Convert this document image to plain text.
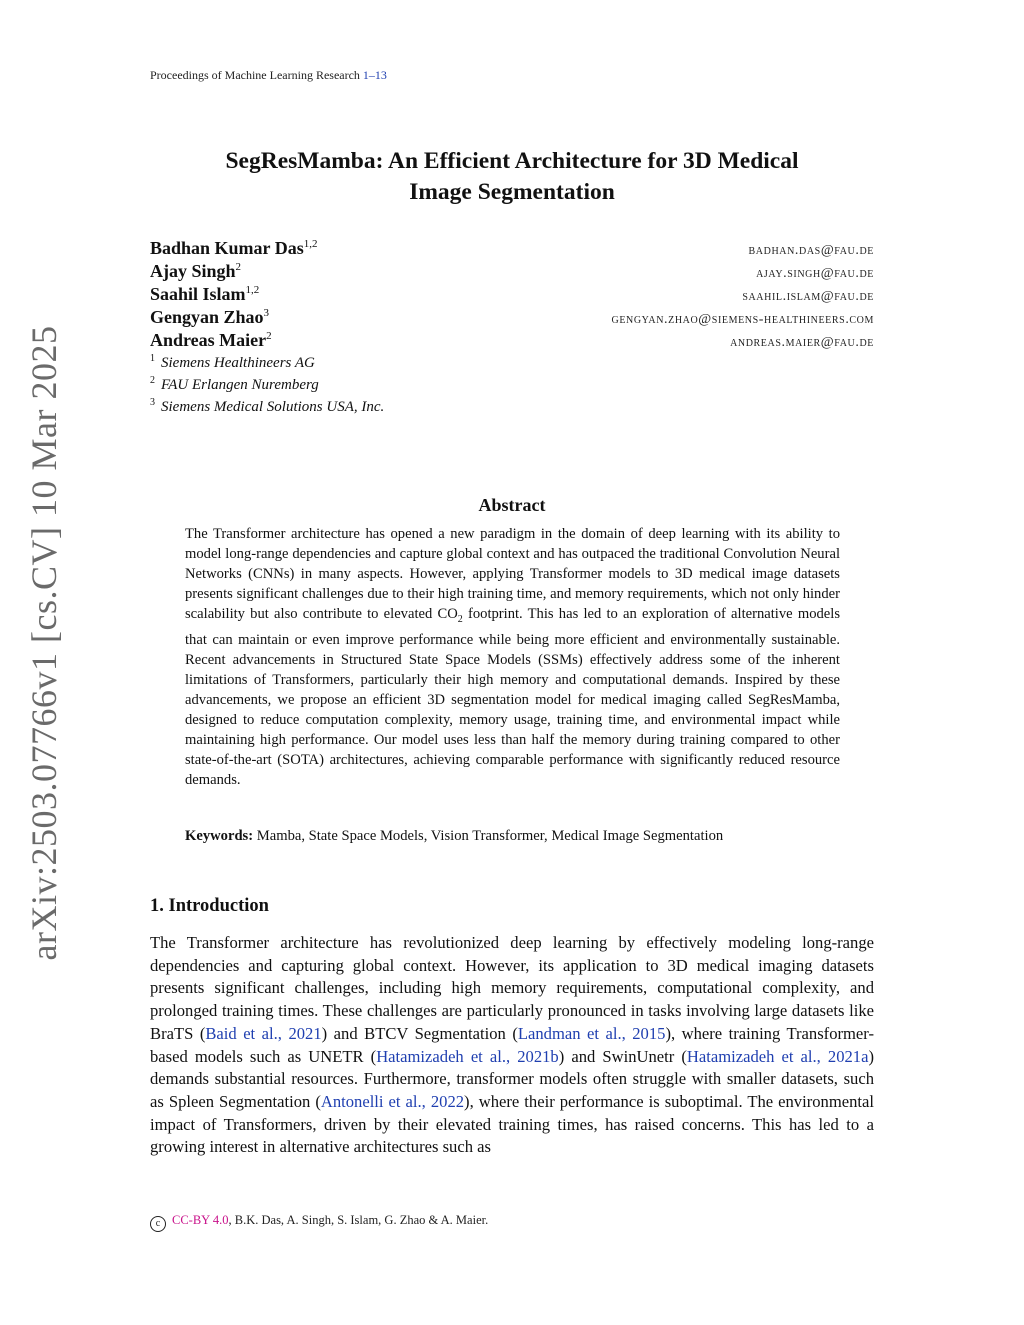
arXiv:2503.07766v1 [cs.CV] 10 Mar 2025
Proceedings of Machine Learning Research 1–13
SegResMamba: An Efficient Architecture for 3D Medical
Image Segmentation
Badhan Kumar Das$^{1,2}$	badhan.das@fau.de
Ajay Singh$^2$	ajay.singh@fau.de
Saahil Islam$^{1,2}$	saahil.islam@fau.de
Gengyan Zhao$^3$	gengyan.zhao@siemens-healthineers.com
Andreas Maier$^2$	andreas.maier@fau.de
$^1$ Siemens Healthineers AG
$^2$ FAU Erlangen Nuremberg
$^3$ Siemens Medical Solutions USA, Inc.
Abstract
The Transformer architecture has opened a new paradigm in the domain of deep learning with its ability to model long-range dependencies and capture global context and has outpaced the traditional Convolution Neural Networks (CNNs) in many aspects. However, applying Transformer models to 3D medical image datasets presents significant challenges due to their high training time, and memory requirements, which not only hinder scalability but also contribute to elevated $CO_2$ footprint. This has led to an exploration of alternative models that can maintain or even improve performance while being more efficient and environmentally sustainable. Recent advancements in Structured State Space Models (SSMs) effectively address some of the inherent limitations of Transformers, particularly their high memory and computational demands. Inspired by these advancements, we propose an efficient 3D segmentation model for medical imaging called SegResMamba, designed to reduce computation complexity, memory usage, training time, and environmental impact while maintaining high performance. Our model uses less than half the memory during training compared to other state-of-the-art (SOTA) architectures, achieving comparable performance with significantly reduced resource demands.
Keywords: Mamba, State Space Models, Vision Transformer, Medical Image Segmentation
1. Introduction
The Transformer architecture has revolutionized deep learning by effectively modeling long-range dependencies and capturing global context. However, its application to 3D medical imaging datasets presents significant challenges, including high memory requirements, computational complexity, and prolonged training times. These challenges are particularly pronounced in tasks involving large datasets like BraTS (Baid et al., 2021) and BTCV Segmentation (Landman et al., 2015), where training Transformer-based models such as UNETR (Hatamizadeh et al., 2021b) and SwinUnetr (Hatamizadeh et al., 2021a) demands substantial resources. Furthermore, transformer models often struggle with smaller datasets, such as Spleen Segmentation (Antonelli et al., 2022), where their performance is suboptimal. The environmental impact of Transformers, driven by their elevated training times, has raised concerns. This has led to a growing interest in alternative architectures such as
c CC-BY 4.0, B.K. Das, A. Singh, S. Islam, G. Zhao & A. Maier.
